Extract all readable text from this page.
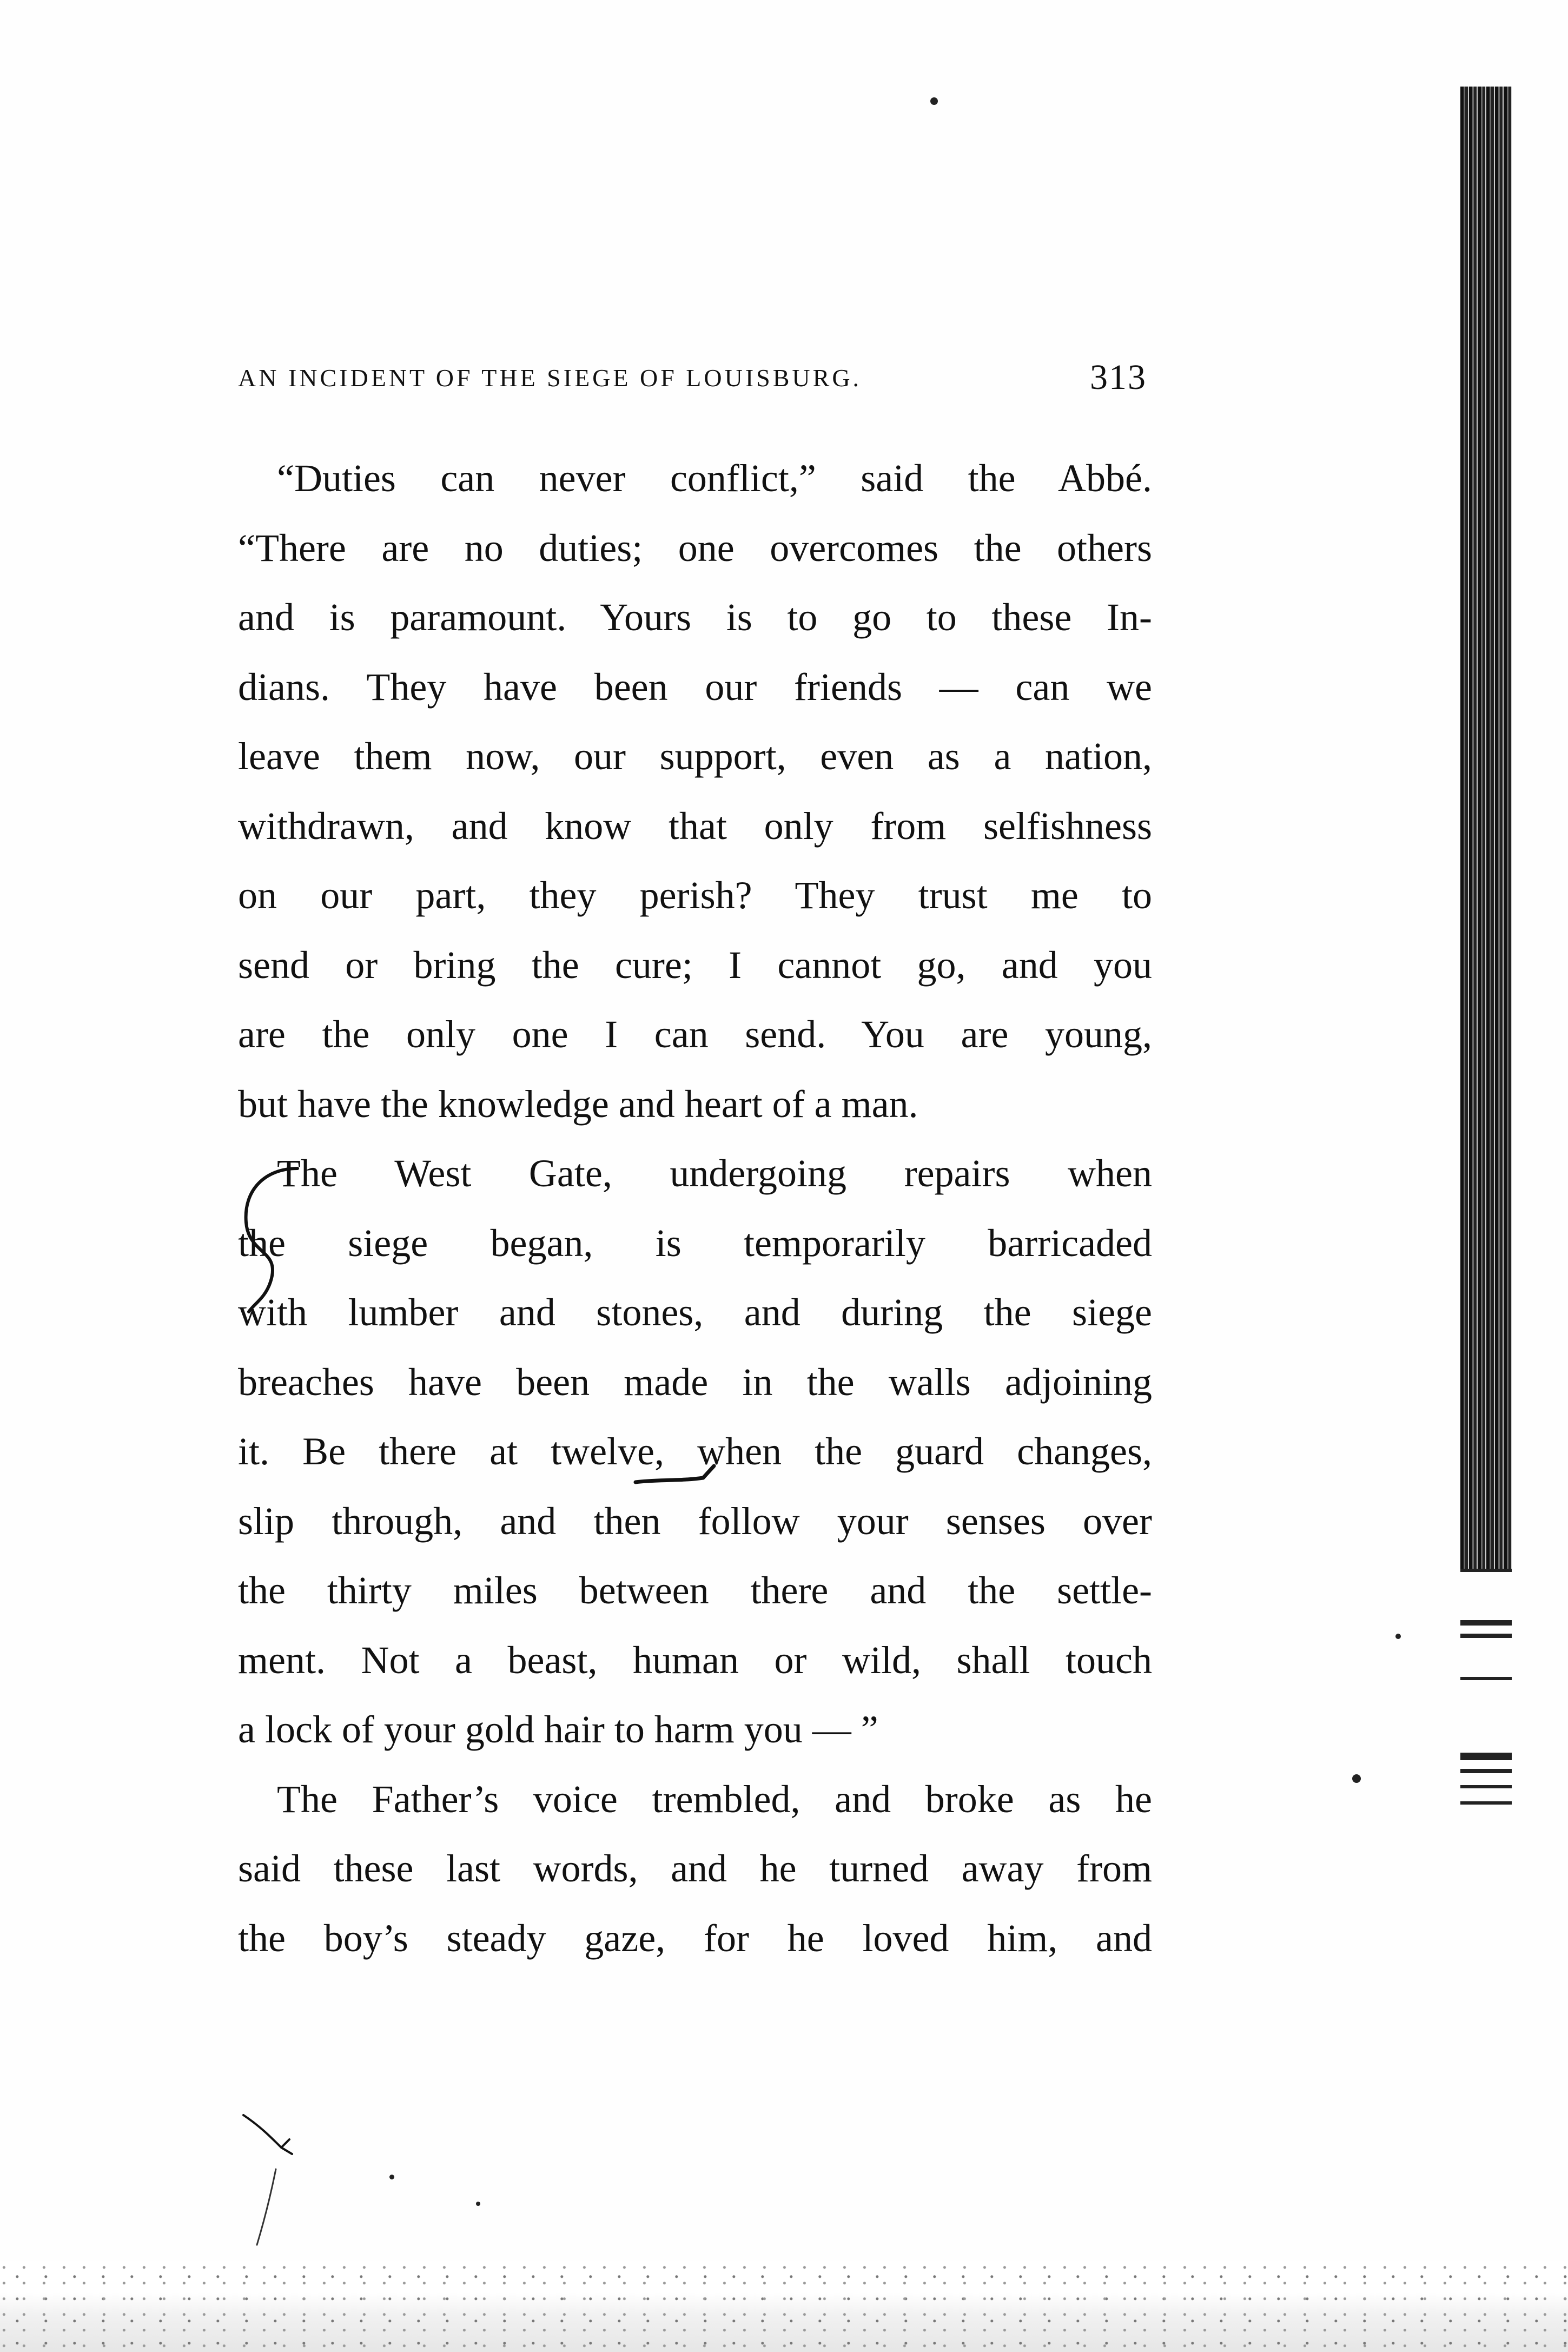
AN INCIDENT OF THE SIEGE OF LOUISBURG.	313
“Duties can never conflict,” said the Abbé.
“There are no duties; one overcomes the others
and is paramount. Yours is to go to these In-
dians. They have been our friends — can we
leave them now, our support, even as a nation,
withdrawn, and know that only from selfishness
on our part, they perish? They trust me to
send or bring the cure; I cannot go, and you
are the only one I can send. You are young,
but have the knowledge and heart of a man.
The West Gate, undergoing repairs when
the siege began, is temporarily barricaded
with lumber and stones, and during the siege
breaches have been made in the walls adjoining
it. Be there at twelve, when the guard changes,
slip through, and then follow your senses over
the thirty miles between there and the settle-
ment. Not a beast, human or wild, shall touch
a lock of your gold hair to harm you — ”
The Father’s voice trembled, and broke as he
said these last words, and he turned away from
the boy’s steady gaze, for he loved him, and
